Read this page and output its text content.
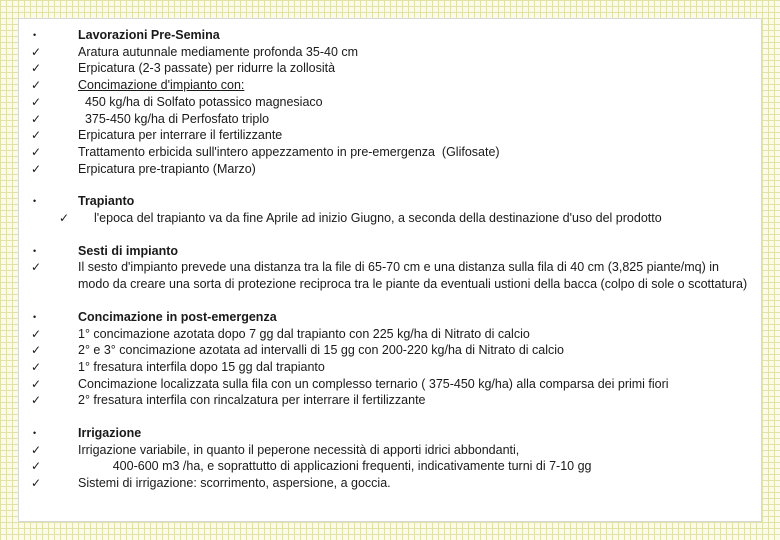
•	Lavorazioni Pre-Semina
✓	Aratura autunnale mediamente profonda 35-40 cm
✓	Erpicatura (2-3 passate) per ridurre la zollosità
✓	Concimazione d'impianto con:
✓	450 kg/ha di Solfato potassico magnesiaco
✓	375-450 kg/ha di Perfosfato triplo
✓	Erpicatura per interrare il fertilizzante
✓	Trattamento erbicida sull'intero appezzamento in pre-emergenza  (Glifosate)
✓	Erpicatura pre-trapianto (Marzo)
•	Trapianto
✓ l'epoca del trapianto va da fine Aprile ad inizio Giugno, a seconda della destinazione d'uso del prodotto
•	Sesti di impianto
✓	Il sesto d'impianto prevede una distanza tra la file di 65-70 cm e una distanza sulla fila di 40 cm (3,825 piante/mq) in modo da creare una sorta di protezione reciproca tra le piante da eventuali ustioni della bacca (colpo di sole o scottatura)
•	Concimazione in post-emergenza
✓	1° concimazione azotata dopo 7 gg dal trapianto con 225 kg/ha di Nitrato di calcio
✓	2° e 3° concimazione azotata ad intervalli di 15 gg con 200-220 kg/ha di Nitrato di calcio
✓	1° fresatura interfila dopo 15 gg dal trapianto
✓	Concimazione localizzata sulla fila con un complesso ternario ( 375-450 kg/ha) alla comparsa dei primi fiori
✓	2° fresatura interfila con rincalzatura per interrare il fertilizzante
•	Irrigazione
✓	Irrigazione variabile, in quanto il peperone necessità di apporti idrici abbondanti,
✓	400-600 m3 /ha, e soprattutto di applicazioni frequenti, indicativamente turni di 7-10 gg
✓	Sistemi di irrigazione: scorrimento, aspersione, a goccia.
